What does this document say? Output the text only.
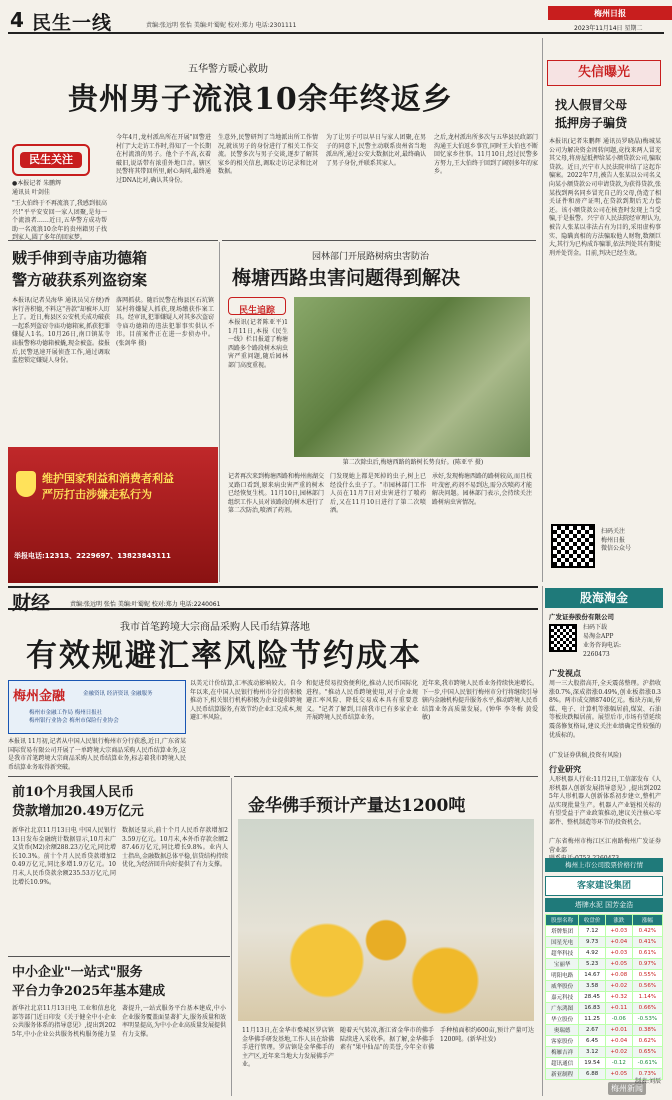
4 民生一线	责编:张远明 张怡 美编:叶蜀妮 校对:郑力 电话:2301111
梅州日报
2023年11月14日 星期二
五华警方暖心救助
贵州男子流浪10余年终返乡
民生关注
●本报记者 朱鹏辉
通讯员 叶剑佳
"王大伯终于不再流浪了,我感到很高兴!"平平安安回一家人团聚,是每一个流浪者……近日,五华警方成功帮助一名流浪10余年的贵州籍男子找到家人,圆了多年的回家梦。
今年4月,龙村派出所在开展"回警进村门"大走访工作时,得知了一个长期在村流浪的男子。他个子不高,衣着破旧,说话带有浓重外地口音。辖区民警将其带回所里,耐心询问,最终通过DNA比对,确认其身份。
生意外,民警研判了当地派出所工作情况,就该男子的身份进行了相关工作交流。民警多次与男子交谈,逐步了解其家乡的相关信息,调取走访记录和比对数据。
为了让男子可以早日与家人团聚,在男子的同意下,民警主动联系贵州省当地派出所,通过公安大数据比对,最终确认了男子身份,并联系其家人。
之后,龙村派出所多次与五华县民政部门沟通王大伯返乡事宜,同时王大伯也不断回忆家乡往事。11月10日,经过民警多方努力,王大伯终于回到了阔别多年的家乡。
贼手伸到寺庙功德箱
警方破获系列盗窃案
本报讯(记者吴海华 通讯员吴方便)香客行善积德,不料这"善款"却被坏人盯上了。近日,梅县区公安机关成功破获一起系列盗窃寺庙功德箱案,抓获犯罪嫌疑人1名。10月26日,南口镇某寺庙报警称功德箱被撬,现金被盗。接报后,民警迅速开展侦查工作,通过调取监控锁定嫌疑人身份。
落网抓获。随后民警在梅县区石坑镇某村将嫌疑人抓获,现场缴获作案工具。经审讯,犯罪嫌疑人对其多次盗窃寺庙功德箱的违法犯罪事实供认不讳。目前案件正在进一步侦办中。(张剑华 摄)
维护国家利益和消费者利益
严厉打击涉嫌走私行为
举报电话:12313、2229697、13823843111
园林部门开展路树病虫害防治
梅塘西路虫害问题得到解决
民生追踪
本报讯(记者陈亚平)11月11日,本报《民生一线》栏目报道了梅塘西路多个路段树木病虫害严重问题,随后园林部门高度重视。
第二次除虫后,梅塘西路的路树长势良好。(陈亚平 摄)
记者再次来到梅塘西路和梅州南湖交叉路口看到,原来病虫害严重的树木已经恢复生机。11月10日,园林部门组织工作人员对该路段的树木进行了第二次防治,喷洒了药剂。
门发现她上都是死掉的虫子,树上已经没什么虫子了。"市园林部门工作人员在11月7日对虫害进行了喷药后,又在11月10日进行了第二次喷洒。
承好,发现梅塘西路的路树较高,而且枝叶茂密,药剂不易到达,需分次喷药才能解决问题。园林部门表示,会持续关注路树病虫害情况。
失信曝光
找人假冒父母
抵押房子骗贷
本报讯(记者朱鹏辉 通讯员罗晓晶)梅城某公司为解决资金周转问题,竟找来两人冒充其父母,将房屋抵押给某小额贷款公司,骗取贷款。近日,兴宁市人民法院审结了这起诈骗案。2022年7月,被告人张某以公司名义向某小额贷款公司申请贷款,为获得贷款,张某找到两名同乡冒充自己的父母,伪造了相关证件和房产证明,在贷款到期后无力偿还。该小额贷款公司在核查时发现上当受骗,于是报警。兴宁市人民法院经审理认为,被告人张某以非法占有为目的,采用虚构事实、隐瞒真相的方法骗取他人财物,数额巨大,其行为已构成诈骗罪,依法判处其有期徒刑并处罚金。目前,判决已经生效。
扫码关注
梅州日报
微信公众号
财经	责编:张远明 张怡 美编:叶蜀妮 校对:郑力 电话:2240061
我市首笔跨境大宗商品采购人民币结算落地
有效规避汇率风险节约成本
梅州金融	金融资讯 经济资讯 金融服务
梅州市金融工作局 梅州日报社
梅州银行业协会 梅州市保险行业协会
本报讯 11月初,记者从中国人民银行梅州市分行获悉,近日,广东省某国际贸易有限公司开展了一单跨境大宗商品采购人民币结算业务,这是我市首笔跨境大宗商品采购人民币结算业务,标志着我市跨境人民币结算业务取得新突破。
以美元计价结算,汇率波动影响较大。自今年以来,在中国人民银行梅州市分行的积极推动下,相关银行机构积极为企业提供跨境人民币结算服务,有效节约企业汇兑成本,规避汇率风险。
和促进贸易投资便利化,推动人民币国际化进程。"推动人民币跨境使用,对于企业规避汇率风险、降低交易成本具有重要意义。"记者了解到,目前我市已有多家企业开展跨境人民币结算业务。
近年来,我市跨境人民币业务持续快速增长。下一步,中国人民银行梅州市分行将继续引导辖内金融机构提升服务水平,推动跨境人民币结算业务高质量发展。(钟华 李冬梅 黄爱敏)
前10个月我国人民币
贷款增加20.49万亿元
新华社北京11月13日电 中国人民银行13日发布金融统计数据显示,10月末广义货币(M2)余额288.23万亿元,同比增长10.3%。前十个月人民币贷款增加20.49万亿元,同比多增1.9万亿元。10月末,人民币贷款余额235.53万亿元,同比增长10.9%。
数据还显示,前十个月人民币存款增加23.59万亿元。10月末,本外币存款余额287.46万亿元,同比增长9.8%。业内人士指出,金融数据总体平稳,信贷结构持续优化,为经济回升向好提供了有力支撑。
中小企业"一站式"服务
平台力争2025年基本建成
新华社北京11月13日电 工业和信息化部等部门近日印发《关于健全中小企业公共服务体系的指导意见》,提出到2025年,中小企业公共服务机构服务能力显著提升,一站式服务平台基本建成,中小企业服务覆盖面显著扩大,服务质量和效率明显提高,为中小企业高质量发展提供有力支撑。
金华佛手预计产量达1200吨
11月13日,在金华市婺城区罗店镇金华佛手研发基地,工作人员在给佛手进行管理。罗店镇是金华佛手的主产区,近年来当地大力发展佛手产业。
随着天气转凉,浙江省金华市的佛手陆续进入采收季。据了解,金华佛手素有"果中仙品"的美誉,今年全市佛手种植面积约600亩,预计产量可达1200吨。(新华社发)
股海淘金
广发证券股份有限公司
扫码下载
易淘金APP
业务咨询电话:
2260473
广发视点
周一三大股指高开,全天震荡整理。沪指收涨0.7%,深成指涨0.49%,创业板指涨0.38%。两市成交额8740亿元。板块方面,传媒、电子、计算机等涨幅居前,煤炭、石油等板块跌幅居前。展望后市,市场有望延续震荡修复格局,建议关注业绩确定性较强的优质标的。
(广发证券供稿,投资有风险)
行业研究
人形机器人行业:11月2日,工信部发布《人形机器人创新发展指导意见》,提出到2025年人形机器人创新体系初步建立,整机产品实现批量生产。机器人产业链相关标的有望受益于产业政策推动,建议关注核心零部件、整机制造等环节的投资机会。
广东省梅州市梅江区江南路梅州广发证券营业部

梅州上市公司股票价格行情
客家建设集团
塔牌水泥 国芳金浩
股票名称	收盘价	涨跌	涨幅
塔牌集团	7.12	+0.03	0.42%
国星光电	9.73	+0.04	0.41%
超华科技	4.92	+0.03	0.61%
宝丽华	5.23	+0.05	0.97%
明阳电路	14.67	+0.08	0.55%
威华股份	3.58	+0.02	0.56%
嘉元科技	28.45	+0.32	1.14%
广东鸿图	16.83	+0.11	0.66%
华立股份	11.25	-0.06	-0.53%
奥瑞德	2.67	+0.01	0.38%
客家股份	6.45	+0.04	0.62%
梅雁吉祥	3.12	+0.02	0.65%
超讯通信	19.54	-0.12	-0.61%
新亚制程	6.88	+0.05	0.73%
制表:刘辰
梅州新闻
